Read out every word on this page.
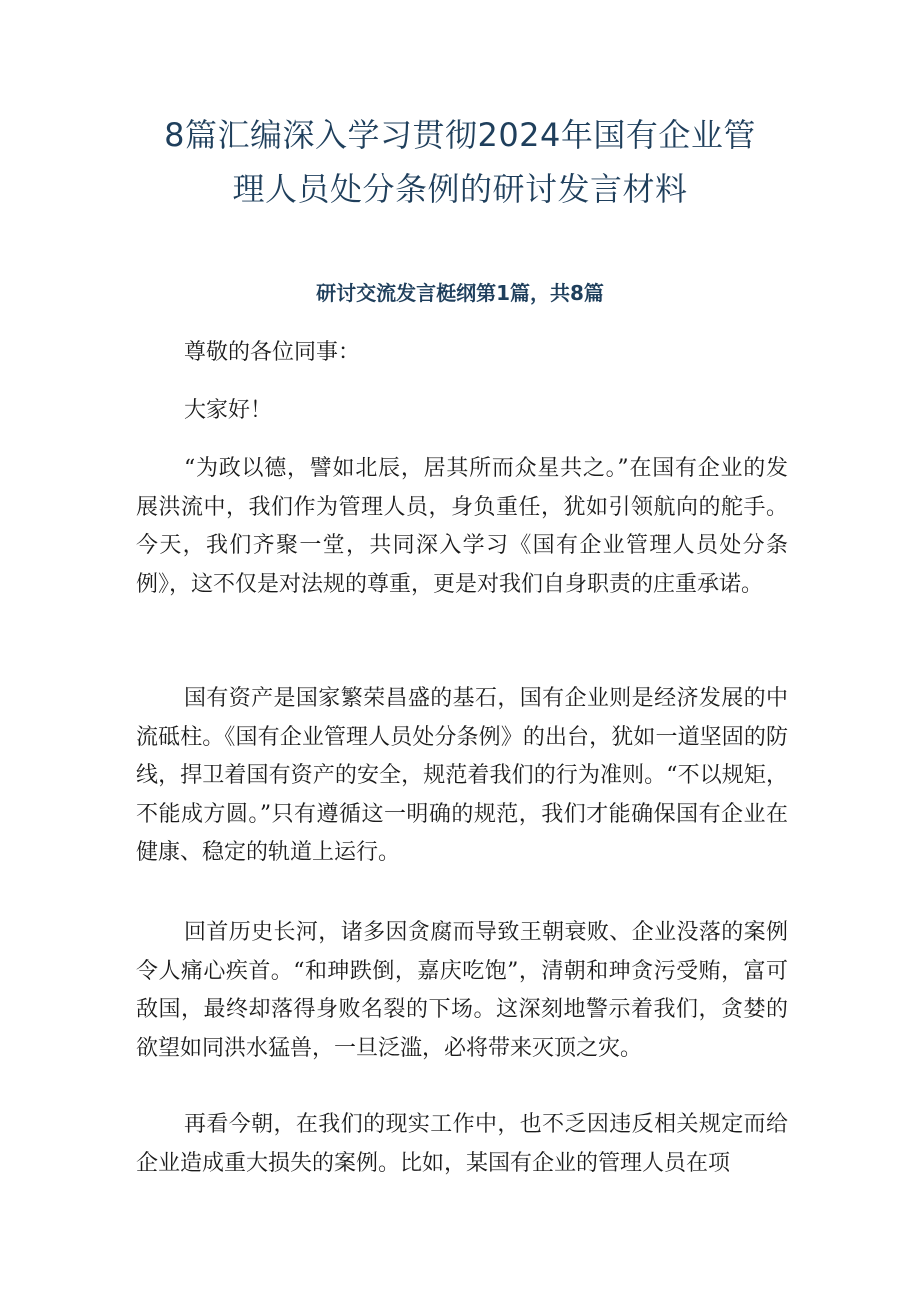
8篇汇编深入学习贯彻2024年国有企业管
理人员处分条例的研讨发言材料
研讨交流发言梃纲第1篇，共8篇

尊敬的各位同事：

大家好！

“为政以德，譬如北辰，居其所而众星共之。”在国有企业的发展洪流中，我们作为管理人员，身负重任，犹如引领航向的舵手。今天，我们齐聚一堂，共同深入学习《国有企业管理人员处分条例》，这不仅是对法规的尊重，更是对我们自身职责的庄重承诺。

国有资产是国家繁荣昌盛的基石，国有企业则是经济发展的中流砥柱。《国有企业管理人员处分条例》的出台，犹如一道坚固的防线，捍卫着国有资产的安全，规范着我们的行为准则。“不以规矩，不能成方圆。”只有遵循这一明确的规范，我们才能确保国有企业在健康、稳定的轨道上运行。

回首历史长河，诸多因贪腐而导致王朝衰败、企业没落的案例令人痛心疾首。“和珅跌倒，嘉庆吃饱”，清朝和珅贪污受贿，富可敌国，最终却落得身败名裂的下场。这深刻地警示着我们，贪婪的欲望如同洪水猛兽，一旦泛滥，必将带来灭顶之灾。

再看今朝，在我们的现实工作中，也不乏因违反相关规定而给企业造成重大损失的案例。比如，某国有企业的管理人员在项
